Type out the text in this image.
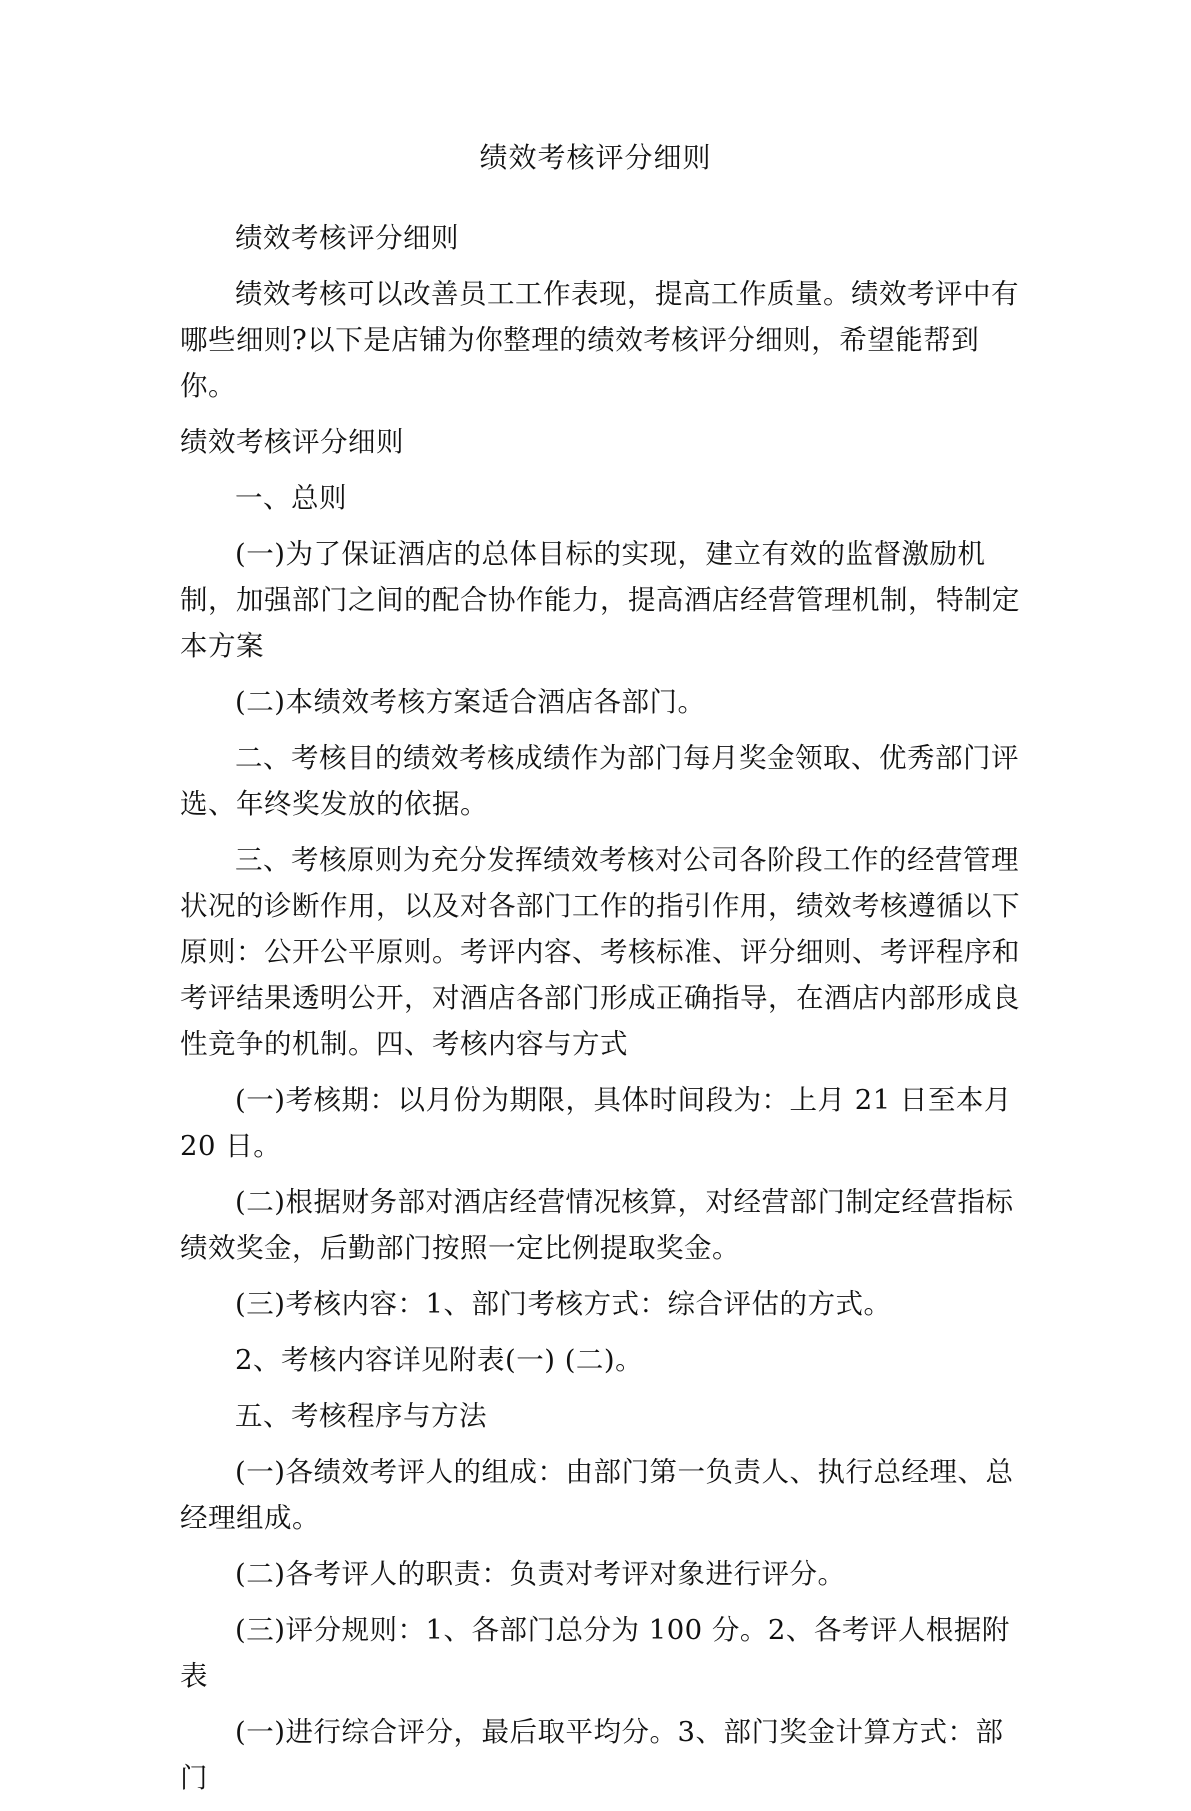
绩效考核评分细则

绩效考核评分细则

绩效考核可以改善员工工作表现，提高工作质量。绩效考评中有哪些细则?以下是店铺为你整理的绩效考核评分细则，希望能帮到你。

绩效考核评分细则

一、总则

(一)为了保证酒店的总体目标的实现，建立有效的监督激励机制，加强部门之间的配合协作能力，提高酒店经营管理机制，特制定本方案

(二)本绩效考核方案适合酒店各部门。

二、考核目的绩效考核成绩作为部门每月奖金领取、优秀部门评选、年终奖发放的依据。

三、考核原则为充分发挥绩效考核对公司各阶段工作的经营管理状况的诊断作用，以及对各部门工作的指引作用，绩效考核遵循以下原则：公开公平原则。考评内容、考核标准、评分细则、考评程序和考评结果透明公开，对酒店各部门形成正确指导，在酒店内部形成良性竞争的机制。四、考核内容与方式

(一)考核期：以月份为期限，具体时间段为：上月 21 日至本月 20 日。

(二)根据财务部对酒店经营情况核算，对经营部门制定经营指标绩效奖金，后勤部门按照一定比例提取奖金。

(三)考核内容：1、部门考核方式：综合评估的方式。

2、考核内容详见附表(一) (二)。

五、考核程序与方法

(一)各绩效考评人的组成：由部门第一负责人、执行总经理、总经理组成。

(二)各考评人的职责：负责对考评对象进行评分。

(三)评分规则：1、各部门总分为 100 分。2、各考评人根据附表

(一)进行综合评分，最后取平均分。3、部门奖金计算方式：部门
